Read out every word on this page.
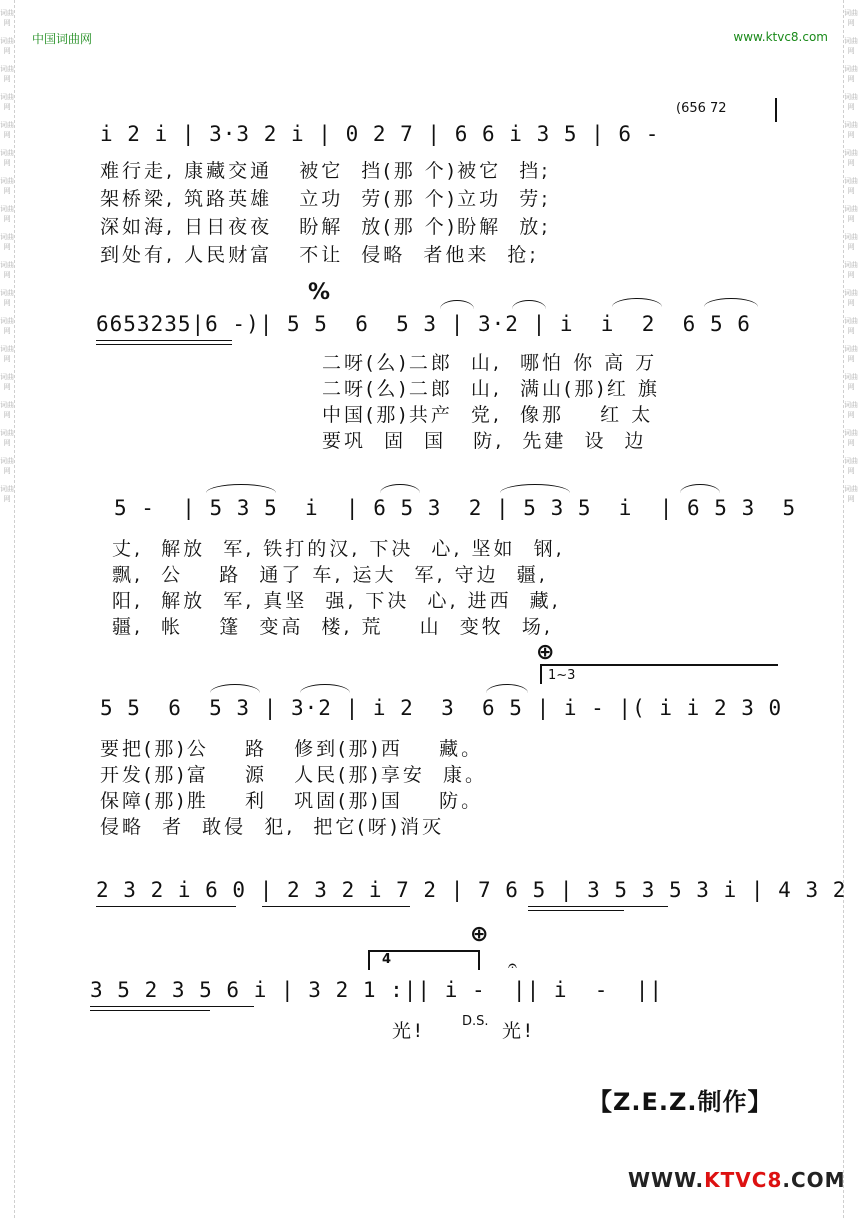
词曲网
词曲网
词曲网
词曲网
词曲网
词曲网
词曲网
词曲网
词曲网
词曲网
词曲网
词曲网
词曲网
词曲网
词曲网
词曲网
词曲网
词曲网
词曲网
词曲网
词曲网
词曲网
词曲网
词曲网
词曲网
词曲网
词曲网
词曲网
词曲网
词曲网
词曲网
词曲网
词曲网
词曲网
词曲网
词曲网
中国词曲网	www.ktvc8.com
(656 72
i 2 i | 3·3 2 i | 0 2 7 | 6 6 i 3 5 | 6 -
难行走, 康藏交通   被它  挡(那 个)被它  挡;
架桥梁, 筑路英雄   立功  劳(那 个)立功  劳;
深如海, 日日夜夜   盼解  放(那 个)盼解  放;
到处有, 人民财富   不让  侵略  者他来  抢;
%
6653235|6 -)| 5 5  6  5 3 | 3·2 | i  i  2  6 5 6
二呀(么)二郎  山,  哪怕 你 高 万
二呀(么)二郎  山,  满山(那)红 旗
中国(那)共产  党,  像那    红 太
要巩  固  国   防,  先建  设  边
5 -  | 5 3 5  i  | 6 5 3  2 | 5 3 5  i  | 6 5 3  5
丈,  解放  军, 铁打的汉, 下决  心, 坚如  钢,
飘,  公    路  通了 车, 运大  军, 守边  疆,
阳,  解放  军, 真坚  强, 下决  心, 进西  藏,
疆,  帐    篷  变高  楼, 荒    山  变牧  场,
⊕
1~3
5 5  6  5 3 | 3·2 | i 2  3  6 5 | i - |( i i 2 3 0
要把(那)公    路   修到(那)西    藏。
开发(那)富    源   人民(那)享安  康。
保障(那)胜    利   巩固(那)国    防。
侵略  者  敢侵  犯,  把它(呀)消灭
2 3 2 i 6 0 | 2 3 2 i 7 2 | 7 6 5 | 3 5 3 5 3 i | 4 3 2
⊕
4	𝄐
3 5 2 3 5 6 i | 3 2 1 :|| i -  || i  -  ||
光!	D.S. 光!
【Z.E.Z.制作】
WWW.KTVC8.COM
